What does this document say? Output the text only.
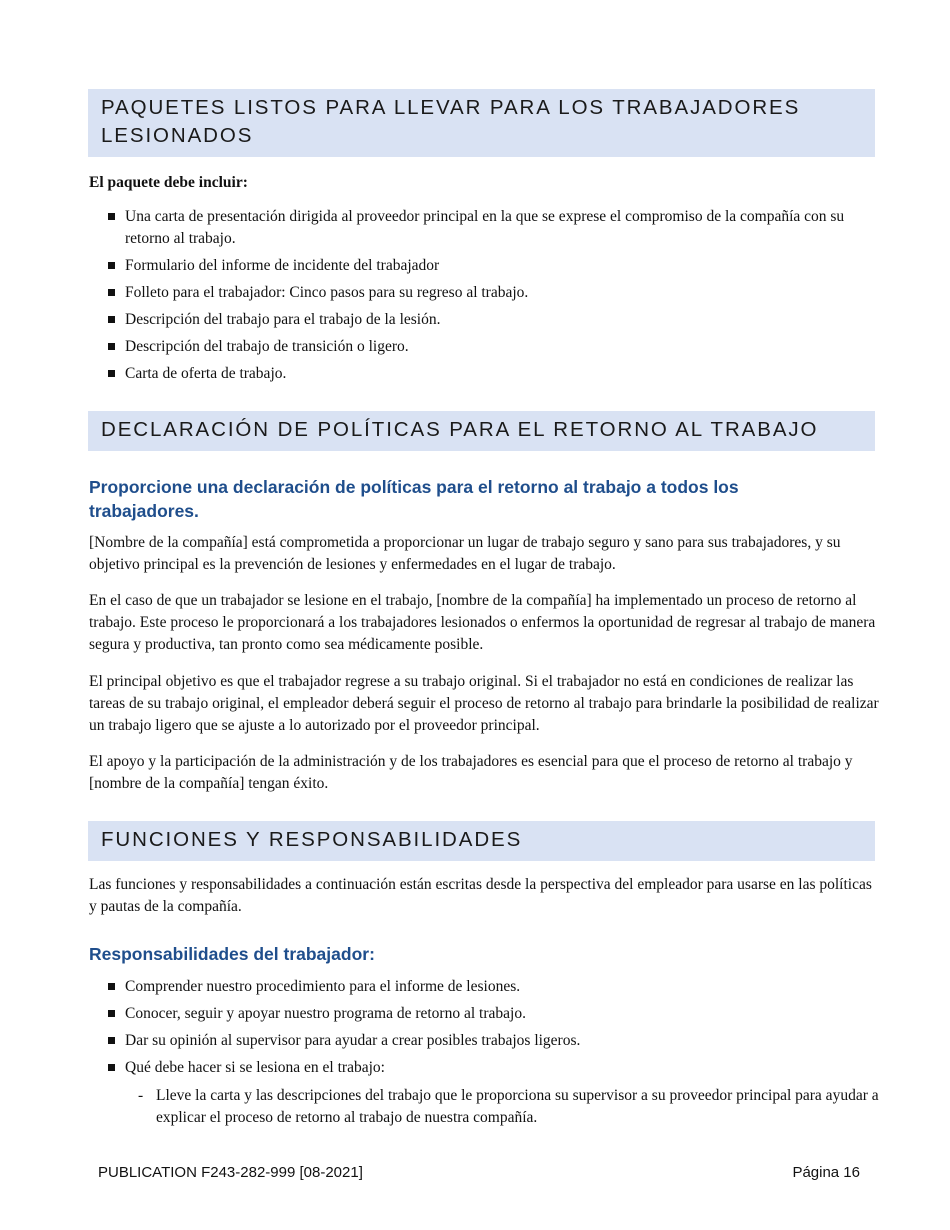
PAQUETES LISTOS PARA LLEVAR PARA LOS TRABAJADORES LESIONADOS

El paquete debe incluir:

Una carta de presentación dirigida al proveedor principal en la que se exprese el compromiso de la compañía con su retorno al trabajo.
Formulario del informe de incidente del trabajador
Folleto para el trabajador: Cinco pasos para su regreso al trabajo.
Descripción del trabajo para el trabajo de la lesión.
Descripción del trabajo de transición o ligero.
Carta de oferta de trabajo.
DECLARACIÓN DE POLÍTICAS PARA EL RETORNO AL TRABAJO
Proporcione una declaración de políticas para el retorno al trabajo a todos los trabajadores.

[Nombre de la compañía] está comprometida a proporcionar un lugar de trabajo seguro y sano para sus trabajadores, y su objetivo principal es la prevención de lesiones y enfermedades en el lugar de trabajo.

En el caso de que un trabajador se lesione en el trabajo, [nombre de la compañía] ha implementado un proceso de retorno al trabajo. Este proceso le proporcionará a los trabajadores lesionados o enfermos la oportunidad de regresar al trabajo de manera segura y productiva, tan pronto como sea médicamente posible.

El principal objetivo es que el trabajador regrese a su trabajo original. Si el trabajador no está en condiciones de realizar las tareas de su trabajo original, el empleador deberá seguir el proceso de retorno al trabajo para brindarle la posibilidad de realizar un trabajo ligero que se ajuste a lo autorizado por el proveedor principal.

El apoyo y la participación de la administración y de los trabajadores es esencial para que el proceso de retorno al trabajo y [nombre de la compañía] tengan éxito.

FUNCIONES Y RESPONSABILIDADES

Las funciones y responsabilidades a continuación están escritas desde la perspectiva del empleador para usarse en las políticas y pautas de la compañía.

Responsabilidades del trabajador:
Comprender nuestro procedimiento para el informe de lesiones.
Conocer, seguir y apoyar nuestro programa de retorno al trabajo.
Dar su opinión al supervisor para ayudar a crear posibles trabajos ligeros.
Qué debe hacer si se lesiona en el trabajo:
- Lleve la carta y las descripciones del trabajo que le proporciona su supervisor a su proveedor principal para ayudar a explicar el proceso de retorno al trabajo de nuestra compañía.
PUBLICATION F243-282-999 [08-2021]	Página 16
